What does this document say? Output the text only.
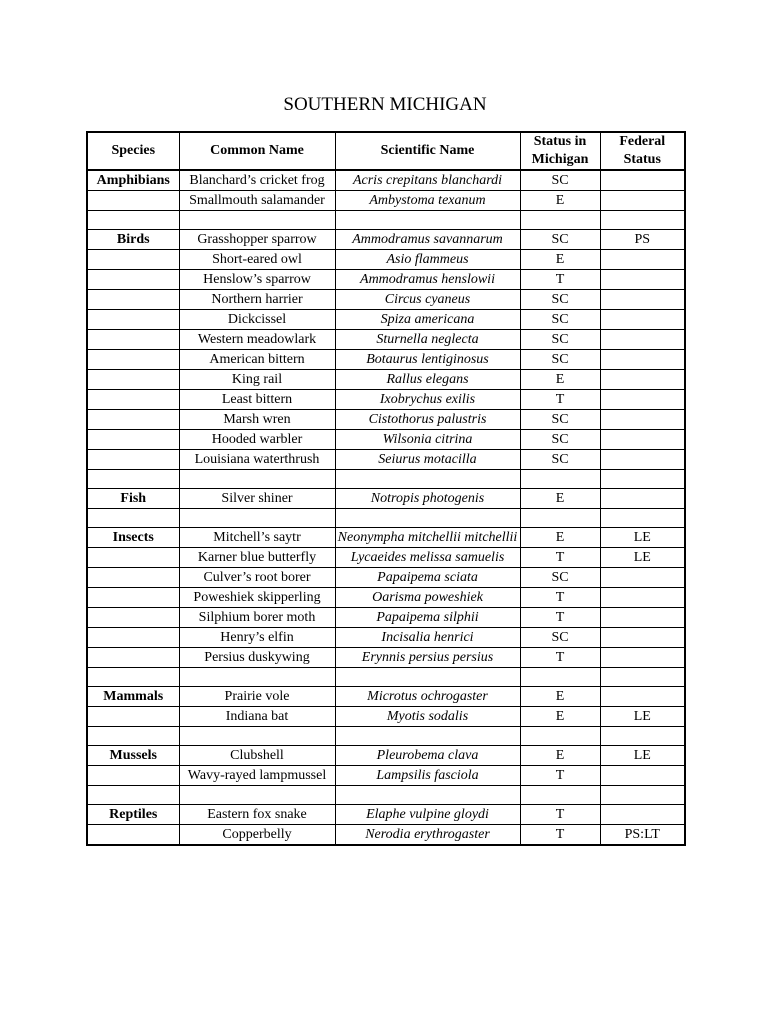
SOUTHERN MICHIGAN
Species	Common Name	Scientific Name	Status in Michigan	Federal Status
Amphibians	Blanchard’s cricket frog	Acris crepitans blanchardi	SC	
	Smallmouth salamander	Ambystoma texanum	E	

Birds	Grasshopper sparrow	Ammodramus savannarum	SC	PS
	Short-eared owl	Asio flammeus	E	
	Henslow’s sparrow	Ammodramus henslowii	T	
	Northern harrier	Circus cyaneus	SC	
	Dickcissel	Spiza americana	SC	
	Western meadowlark	Sturnella neglecta	SC	
	American bittern	Botaurus lentiginosus	SC	
	King rail	Rallus elegans	E	
	Least bittern	Ixobrychus exilis	T	
	Marsh wren	Cistothorus palustris	SC	
	Hooded warbler	Wilsonia citrina	SC	
	Louisiana waterthrush	Seiurus motacilla	SC	

Fish	Silver shiner	Notropis photogenis	E	

Insects	Mitchell’s saytr	Neonympha mitchellii mitchellii	E	LE
	Karner blue butterfly	Lycaeides melissa samuelis	T	LE
	Culver’s root borer	Papaipema sciata	SC	
	Poweshiek skipperling	Oarisma poweshiek	T	
	Silphium borer moth	Papaipema silphii	T	
	Henry’s elfin	Incisalia henrici	SC	
	Persius duskywing	Erynnis persius persius	T	

Mammals	Prairie vole	Microtus ochrogaster	E	
	Indiana bat	Myotis sodalis	E	LE

Mussels	Clubshell	Pleurobema clava	E	LE
	Wavy-rayed lampmussel	Lampsilis fasciola	T	

Reptiles	Eastern fox snake	Elaphe vulpine gloydi	T	
	Copperbelly	Nerodia erythrogaster	T	PS:LT
